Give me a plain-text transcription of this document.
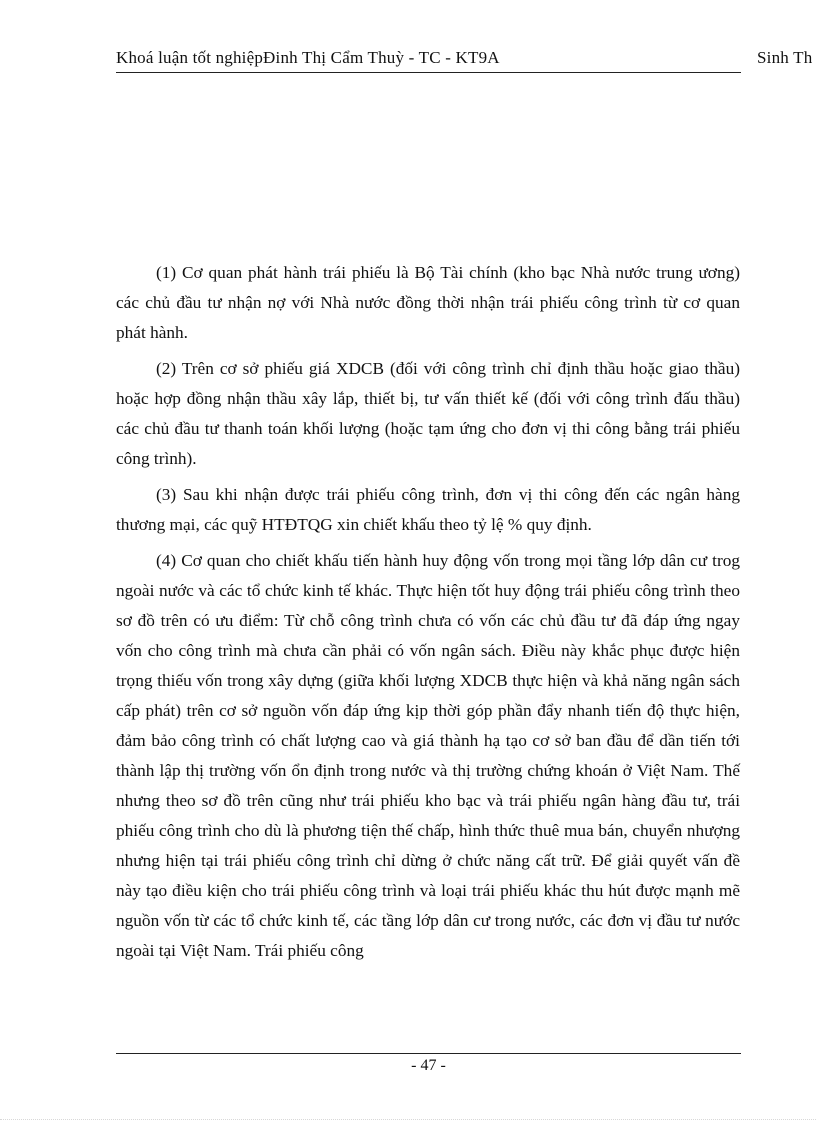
Khoá luận tốt nghiệpĐinh Thị Cẩm Thuỳ - TC - KT9A	Sinh Th

(1) Cơ quan phát hành trái phiếu là Bộ Tài chính (kho bạc Nhà nước trung ương) các chủ đầu tư nhận nợ với Nhà nước đồng thời nhận trái phiếu công trình từ cơ quan phát hành.

(2) Trên cơ sở phiếu giá XDCB (đối với công trình chỉ định thầu hoặc giao thầu) hoặc hợp đồng nhận thầu xây lắp, thiết bị, tư vấn thiết kế (đối với công trình đấu thầu) các chủ đầu tư thanh toán khối lượng (hoặc tạm ứng cho đơn vị thi công bằng trái phiếu công trình).

(3) Sau khi nhận được trái phiếu công trình, đơn vị thi công đến các ngân hàng thương mại, các quỹ HTĐTQG xin chiết khấu theo tỷ lệ % quy định.

(4) Cơ quan cho chiết khấu tiến hành huy động vốn trong mọi tầng lớp dân cư trog ngoài nước và các tổ chức kinh tế khác. Thực hiện tốt huy động trái phiếu công trình theo sơ đồ trên có ưu điểm: Từ chỗ công trình chưa có vốn các chủ đầu tư đã đáp ứng ngay vốn cho công trình mà chưa cần phải có vốn ngân sách. Điều này khắc phục được hiện trọng thiếu vốn trong xây dựng (giữa khối lượng XDCB thực hiện và khả năng ngân sách cấp phát) trên cơ sở nguồn vốn đáp ứng kịp thời góp phần đẩy nhanh tiến độ thực hiện, đảm bảo công trình có chất lượng cao và giá thành hạ tạo cơ sở ban đầu để dần tiến tới thành lập thị trường vốn ổn định trong nước và thị trường chứng khoán ở Việt Nam. Thế nhưng theo sơ đồ trên cũng như trái phiếu kho bạc và trái phiếu ngân hàng đầu tư, trái phiếu công trình cho dù là phương tiện thế chấp, hình thức thuê mua bán, chuyển nhượng nhưng hiện tại trái phiếu công trình chỉ dừng ở chức năng cất trữ. Để giải quyết vấn đề này tạo điều kiện cho trái phiếu công trình và loại trái phiếu khác thu hút được mạnh mẽ nguồn vốn từ các tổ chức kinh tế, các tầng lớp dân cư trong nước, các đơn vị đầu tư nước ngoài tại Việt Nam. Trái phiếu công

- 47 -
